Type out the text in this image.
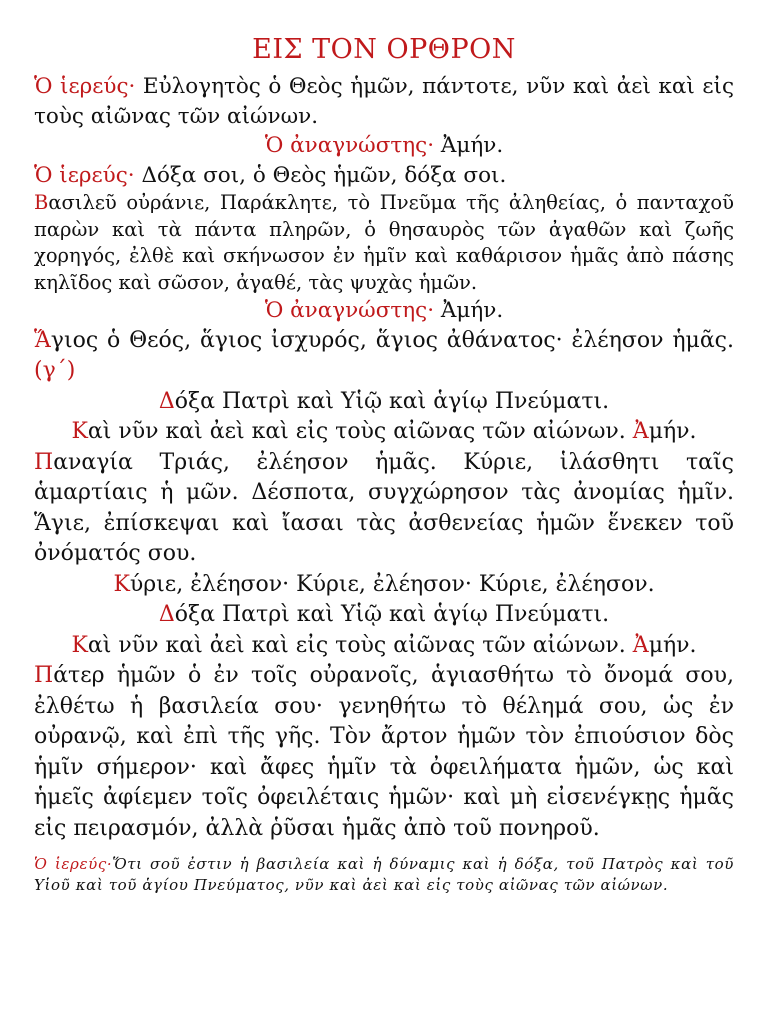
ΕΙΣ ΤΟΝ ΟΡΘΡΟΝ

Ὁ ἱερεύς· Εὐλογητὸς ὁ Θεὸς ἡμῶν, πάντοτε, νῦν καὶ ἀεὶ καὶ εἰς τοὺς αἰῶνας τῶν αἰώνων.

Ὁ ἀναγνώστης· Ἀμήν.

Ὁ ἱερεύς· Δόξα σοι, ὁ Θεὸς ἡμῶν, δόξα σοι.

Βασιλεῦ οὐράνιε, Παράκλητε, τὸ Πνεῦμα τῆς ἀληθείας, ὁ πανταχοῦ παρὼν καὶ τὰ πάντα πληρῶν, ὁ θησαυρὸς τῶν ἀγαθῶν καὶ ζωῆς χορηγός, ἐλθὲ καὶ σκήνωσον ἐν ἡμῖν καὶ καθάρισον ἡμᾶς ἀπὸ πάσης κηλῖδος καὶ σῶσον, ἀγαθέ, τὰς ψυχὰς ἡμῶν.

Ὁ ἀναγνώστης· Ἀμήν.

Ἅγιος ὁ Θεός, ἅγιος ἰσχυρός, ἅγιος ἀθάνατος· ἐλέησον ἡμᾶς. (γ΄)

Δόξα Πατρὶ καὶ Υἱῷ καὶ ἁγίῳ Πνεύματι.

Καὶ νῦν καὶ ἀεὶ καὶ εἰς τοὺς αἰῶνας τῶν αἰώνων. Ἀμήν.

Παναγία Τριάς, ἐλέησον ἡμᾶς. Κύριε, ἱλάσθητι ταῖς ἁμαρτίαις ἡ μῶν. Δέσποτα, συγχώρησον τὰς ἀνομίας ἡμῖν. Ἅγιε, ἐπίσκεψαι καὶ ἴασαι τὰς ἀσθενείας ἡμῶν ἕνεκεν τοῦ ὀνόματός σου.

Κύριε, ἐλέησον· Κύριε, ἐλέησον· Κύριε, ἐλέησον.

Δόξα Πατρὶ καὶ Υἱῷ καὶ ἁγίῳ Πνεύματι.

Καὶ νῦν καὶ ἀεὶ καὶ εἰς τοὺς αἰῶνας τῶν αἰώνων. Ἀμήν.

Πάτερ ἡμῶν ὁ ἐν τοῖς οὐρανοῖς, ἁγιασθήτω τὸ ὄνομά σου, ἐλθέτω ἡ βασιλεία σου· γενηθήτω τὸ θέλημά σου, ὡς ἐν οὐρανῷ, καὶ ἐπὶ τῆς γῆς. Τὸν ἄρτον ἡμῶν τὸν ἐπιούσιον δὸς ἡμῖν σήμερον· καὶ ἄφες ἡμῖν τὰ ὀφειλήματα ἡμῶν, ὡς καὶ ἡμεῖς ἀφίεμεν τοῖς ὀφειλέταις ἡμῶν· καὶ μὴ εἰσενέγκῃς ἡμᾶς εἰς πειρασμόν, ἀλλὰ ῥῦσαι ἡμᾶς ἀπὸ τοῦ πονηροῦ.

Ὁ ἱερεύς·Ὅτι σοῦ ἐστιν ἡ βασιλεία καὶ ἡ δύναμις καὶ ἡ δόξα, τοῦ Πατρὸς καὶ τοῦ Υἱοῦ καὶ τοῦ ἁγίου Πνεύματος, νῦν καὶ ἀεὶ καὶ εἰς τοὺς αἰῶνας τῶν αἰώνων.
